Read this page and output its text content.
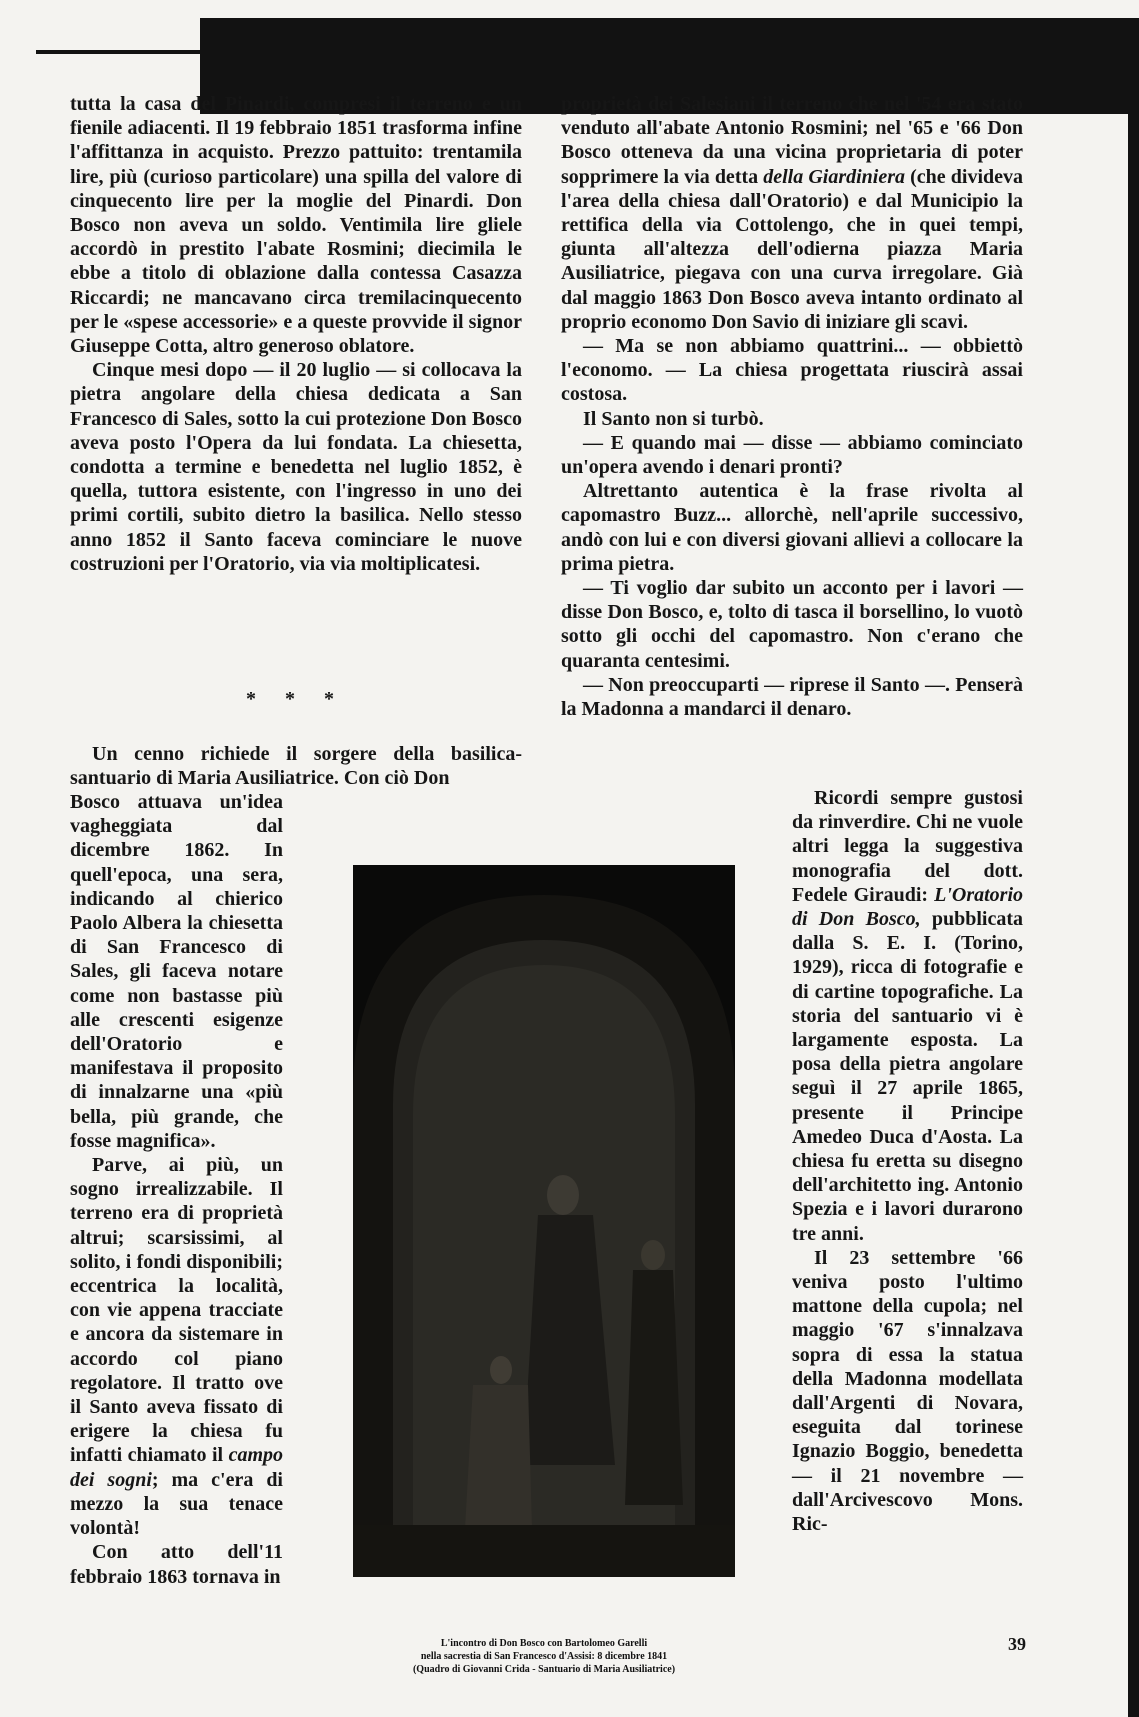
tutta la casa del Pinardi, compresi il terreno e un fienile adiacenti. Il 19 febbraio 1851 trasforma infine l'affittanza in acquisto. Prezzo pattuito: trentamila lire, più (curioso particolare) una spilla del valore di cinquecento lire per la moglie del Pinardi. Don Bosco non aveva un soldo. Ventimila lire gliele accordò in prestito l'abate Rosmini; diecimila le ebbe a titolo di oblazione dalla contessa Casazza Riccardi; ne mancavano circa tremilacinquecento per le «spese accessorie» e a queste provvide il signor Giuseppe Cotta, altro generoso oblatore.

Cinque mesi dopo — il 20 luglio — si collocava la pietra angolare della chiesa dedicata a San Francesco di Sales, sotto la cui protezione Don Bosco aveva posto l'Opera da lui fondata. La chiesetta, condotta a termine e benedetta nel luglio 1852, è quella, tuttora esistente, con l'ingresso in uno dei primi cortili, subito dietro la basilica. Nello stesso anno 1852 il Santo faceva cominciare le nuove costruzioni per l'Oratorio, via via moltiplicatesi.

* * *

Un cenno richiede il sorgere della basilica-santuario di Maria Ausiliatrice. Con ciò Don

Bosco attuava un'idea vagheggiata dal dicembre 1862. In quell'epoca, una sera, indicando al chierico Paolo Albera la chiesetta di San Francesco di Sales, gli faceva notare come non bastasse più alle crescenti esigenze dell'Oratorio e manifestava il proposito di innalzarne una «più bella, più grande, che fosse magnifica».

Parve, ai più, un sogno irrealizzabile. Il terreno era di proprietà altrui; scarsissimi, al solito, i fondi disponibili; eccentrica la località, con vie appena tracciate e ancora da sistemare in accordo col piano regolatore. Il tratto ove il Santo aveva fissato di erigere la chiesa fu infatti chiamato il campo dei sogni; ma c'era di mezzo la sua tenace volontà!

Con atto dell'11 febbraio 1863 tornava in

proprietà dei Salesiani il terreno che nel '54 era stato venduto all'abate Antonio Rosmini; nel '65 e '66 Don Bosco otteneva da una vicina proprietaria di poter sopprimere la via detta della Giardiniera (che divideva l'area della chiesa dall'Oratorio) e dal Municipio la rettifica della via Cottolengo, che in quei tempi, giunta all'altezza dell'odierna piazza Maria Ausiliatrice, piegava con una curva irregolare. Già dal maggio 1863 Don Bosco aveva intanto ordinato al proprio economo Don Savio di iniziare gli scavi.

— Ma se non abbiamo quattrini... — obbiettò l'economo. — La chiesa progettata riuscirà assai costosa.

Il Santo non si turbò.

— E quando mai — disse — abbiamo cominciato un'opera avendo i denari pronti?

Altrettanto autentica è la frase rivolta al capomastro Buzz... allorchè, nell'aprile successivo, andò con lui e con diversi giovani allievi a collocare la prima pietra.

— Ti voglio dar subito un acconto per i lavori — disse Don Bosco, e, tolto di tasca il borsellino, lo vuotò sotto gli occhi del capomastro. Non c'erano che quaranta centesimi.

— Non preoccuparti — riprese il Santo —. Penserà la Madonna a mandarci il denaro.

Ricordi sempre gustosi da rinverdire. Chi ne vuole altri legga la suggestiva monografia del dott. Fedele Giraudi: L'Oratorio di Don Bosco, pubblicata dalla S. E. I. (Torino, 1929), ricca di fotografie e di cartine topografiche. La storia del santuario vi è largamente esposta. La posa della pietra angolare seguì il 27 aprile 1865, presente il Principe Amedeo Duca d'Aosta. La chiesa fu eretta su disegno dell'architetto ing. Antonio Spezia e i lavori durarono tre anni.

Il 23 settembre '66 veniva posto l'ultimo mattone della cupola; nel maggio '67 s'innalzava sopra di essa la statua della Madonna modellata dall'Argenti di Novara, eseguita dal torinese Ignazio Boggio, benedetta — il 21 novembre — dall'Arcivescovo Mons. Ric-

L'incontro di Don Bosco con Bartolomeo Garelli
nella sacrestia di San Francesco d'Assisi: 8 dicembre 1841
(Quadro di Giovanni Crida - Santuario di Maria Ausiliatrice)
39
